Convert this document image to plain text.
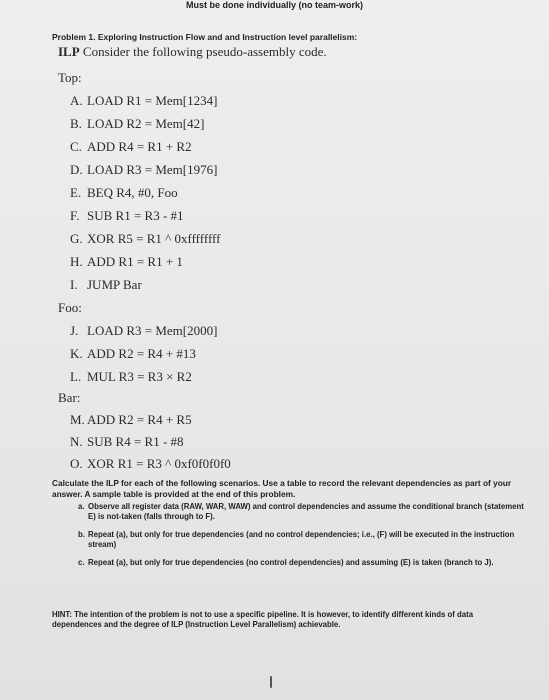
Must be done individually (no team-work)
Problem 1. Exploring Instruction Flow and and Instruction level parallelism:
ILP Consider the following pseudo-assembly code.
Top:
A. LOAD R1 = Mem[1234]
B. LOAD R2 = Mem[42]
C. ADD R4 = R1 + R2
D. LOAD R3 = Mem[1976]
E. BEQ R4, #0, Foo
F. SUB R1 = R3 - #1
G. XOR R5 = R1 ^ 0xffffffff
H. ADD R1 = R1 + 1
I. JUMP Bar
Foo:
J. LOAD R3 = Mem[2000]
K. ADD R2 = R4 + #13
L. MUL R3 = R3 × R2
Bar:
M. ADD R2 = R4 + R5
N. SUB R4 = R1 - #8
O. XOR R1 = R3 ^ 0xf0f0f0f0
Calculate the ILP for each of the following scenarios. Use a table to record the relevant dependencies as part of your answer. A sample table is provided at the end of this problem.
a. Observe all register data (RAW, WAR, WAW) and control dependencies and assume the conditional branch (statement E) is not-taken (falls through to F).
b. Repeat (a), but only for true dependencies (and no control dependencies; i.e., (F) will be executed in the instruction stream)
c. Repeat (a), but only for true dependencies (no control dependencies) and assuming (E) is taken (branch to J).
HINT: The intention of the problem is not to use a specific pipeline. It is however, to identify different kinds of data dependences and the degree of ILP (Instruction Level Parallelism) achievable.
